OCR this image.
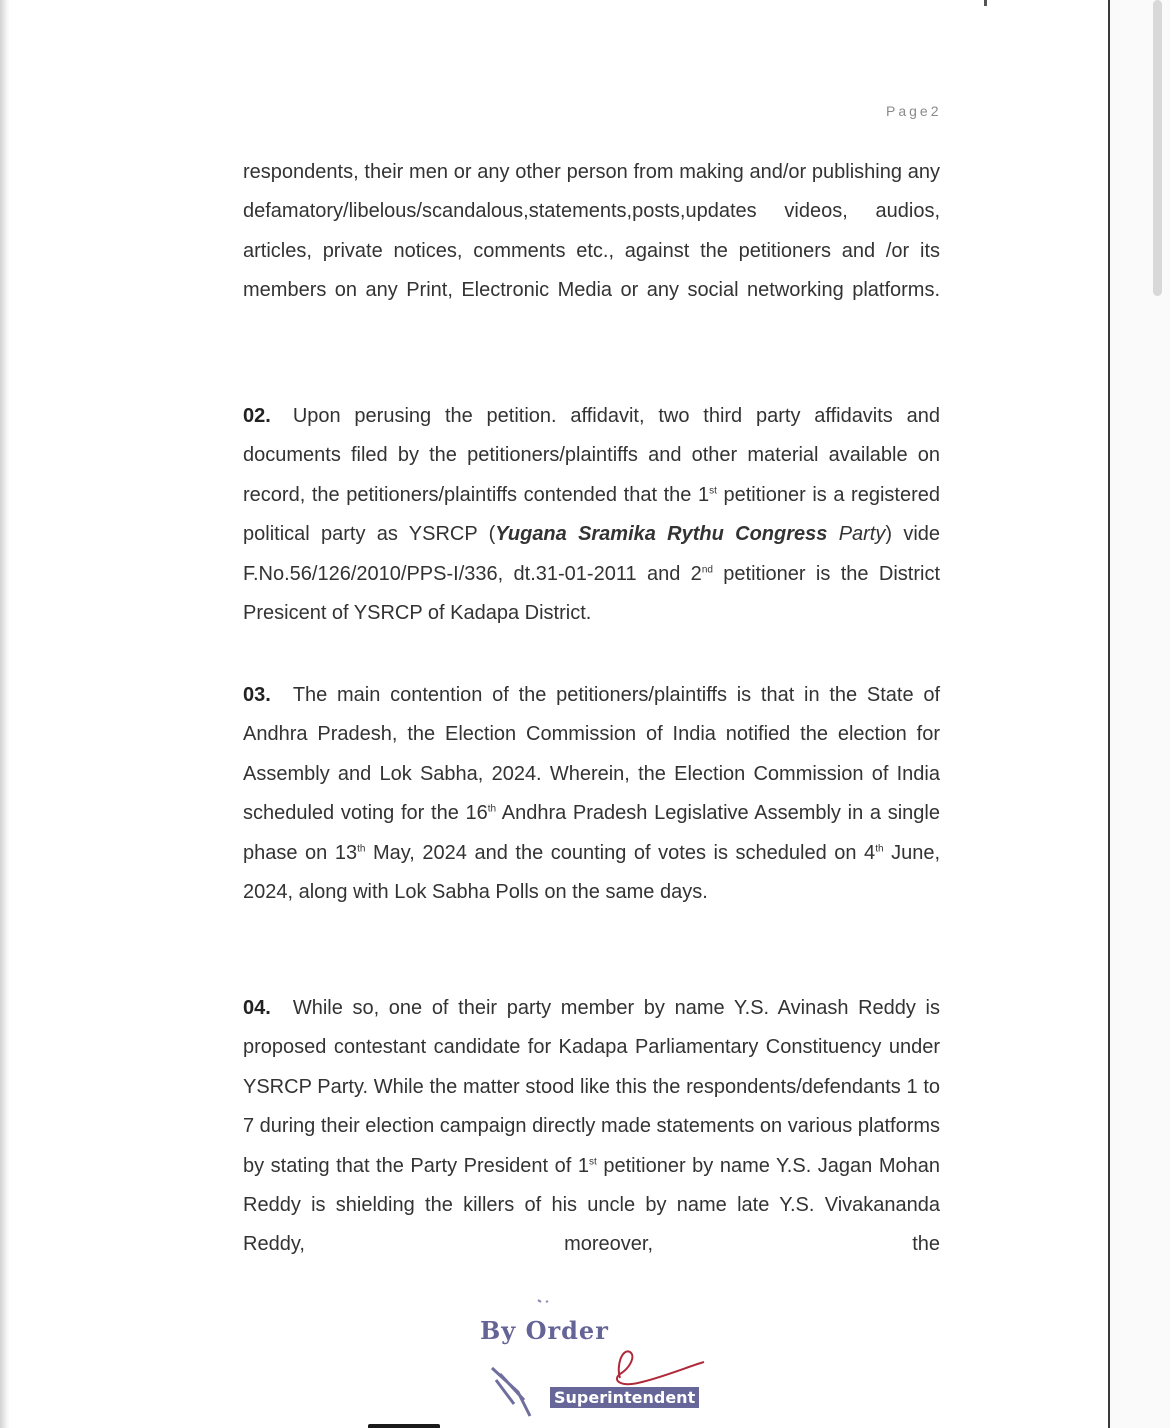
Page2

respondents, their men or any other person from making and/or publishing any defamatory/libelous/scandalous,statements,posts,updates videos, audios, articles, private notices, comments etc., against the petitioners and /or its members on any Print, Electronic Media or any social networking platforms.

02. Upon perusing the petition. affidavit, two third party affidavits and documents filed by the petitioners/plaintiffs and other material available on record, the petitioners/plaintiffs contended that the 1st petitioner is a registered political party as YSRCP (Yugana Sramika Rythu Congress Party) vide F.No.56/126/2010/PPS-I/336, dt.31-01-2011 and 2nd petitioner is the District Presicent of YSRCP of Kadapa District.

03. The main contention of the petitioners/plaintiffs is that in the State of Andhra Pradesh, the Election Commission of India notified the election for Assembly and Lok Sabha, 2024. Wherein, the Election Commission of India scheduled voting for the 16th Andhra Pradesh Legislative Assembly in a single phase on 13th May, 2024 and the counting of votes is scheduled on 4th June, 2024, along with Lok Sabha Polls on the same days.

04. While so, one of their party member by name Y.S. Avinash Reddy is proposed contestant candidate for Kadapa Parliamentary Constituency under YSRCP Party. While the matter stood like this the respondents/defendants 1 to 7 during their election campaign directly made statements on various platforms by stating that the Party President of 1st petitioner by name Y.S. Jagan Mohan Reddy is shielding the killers of his uncle by name late Y.S. Vivakananda Reddy, moreover, the

By Order
Superintendent
